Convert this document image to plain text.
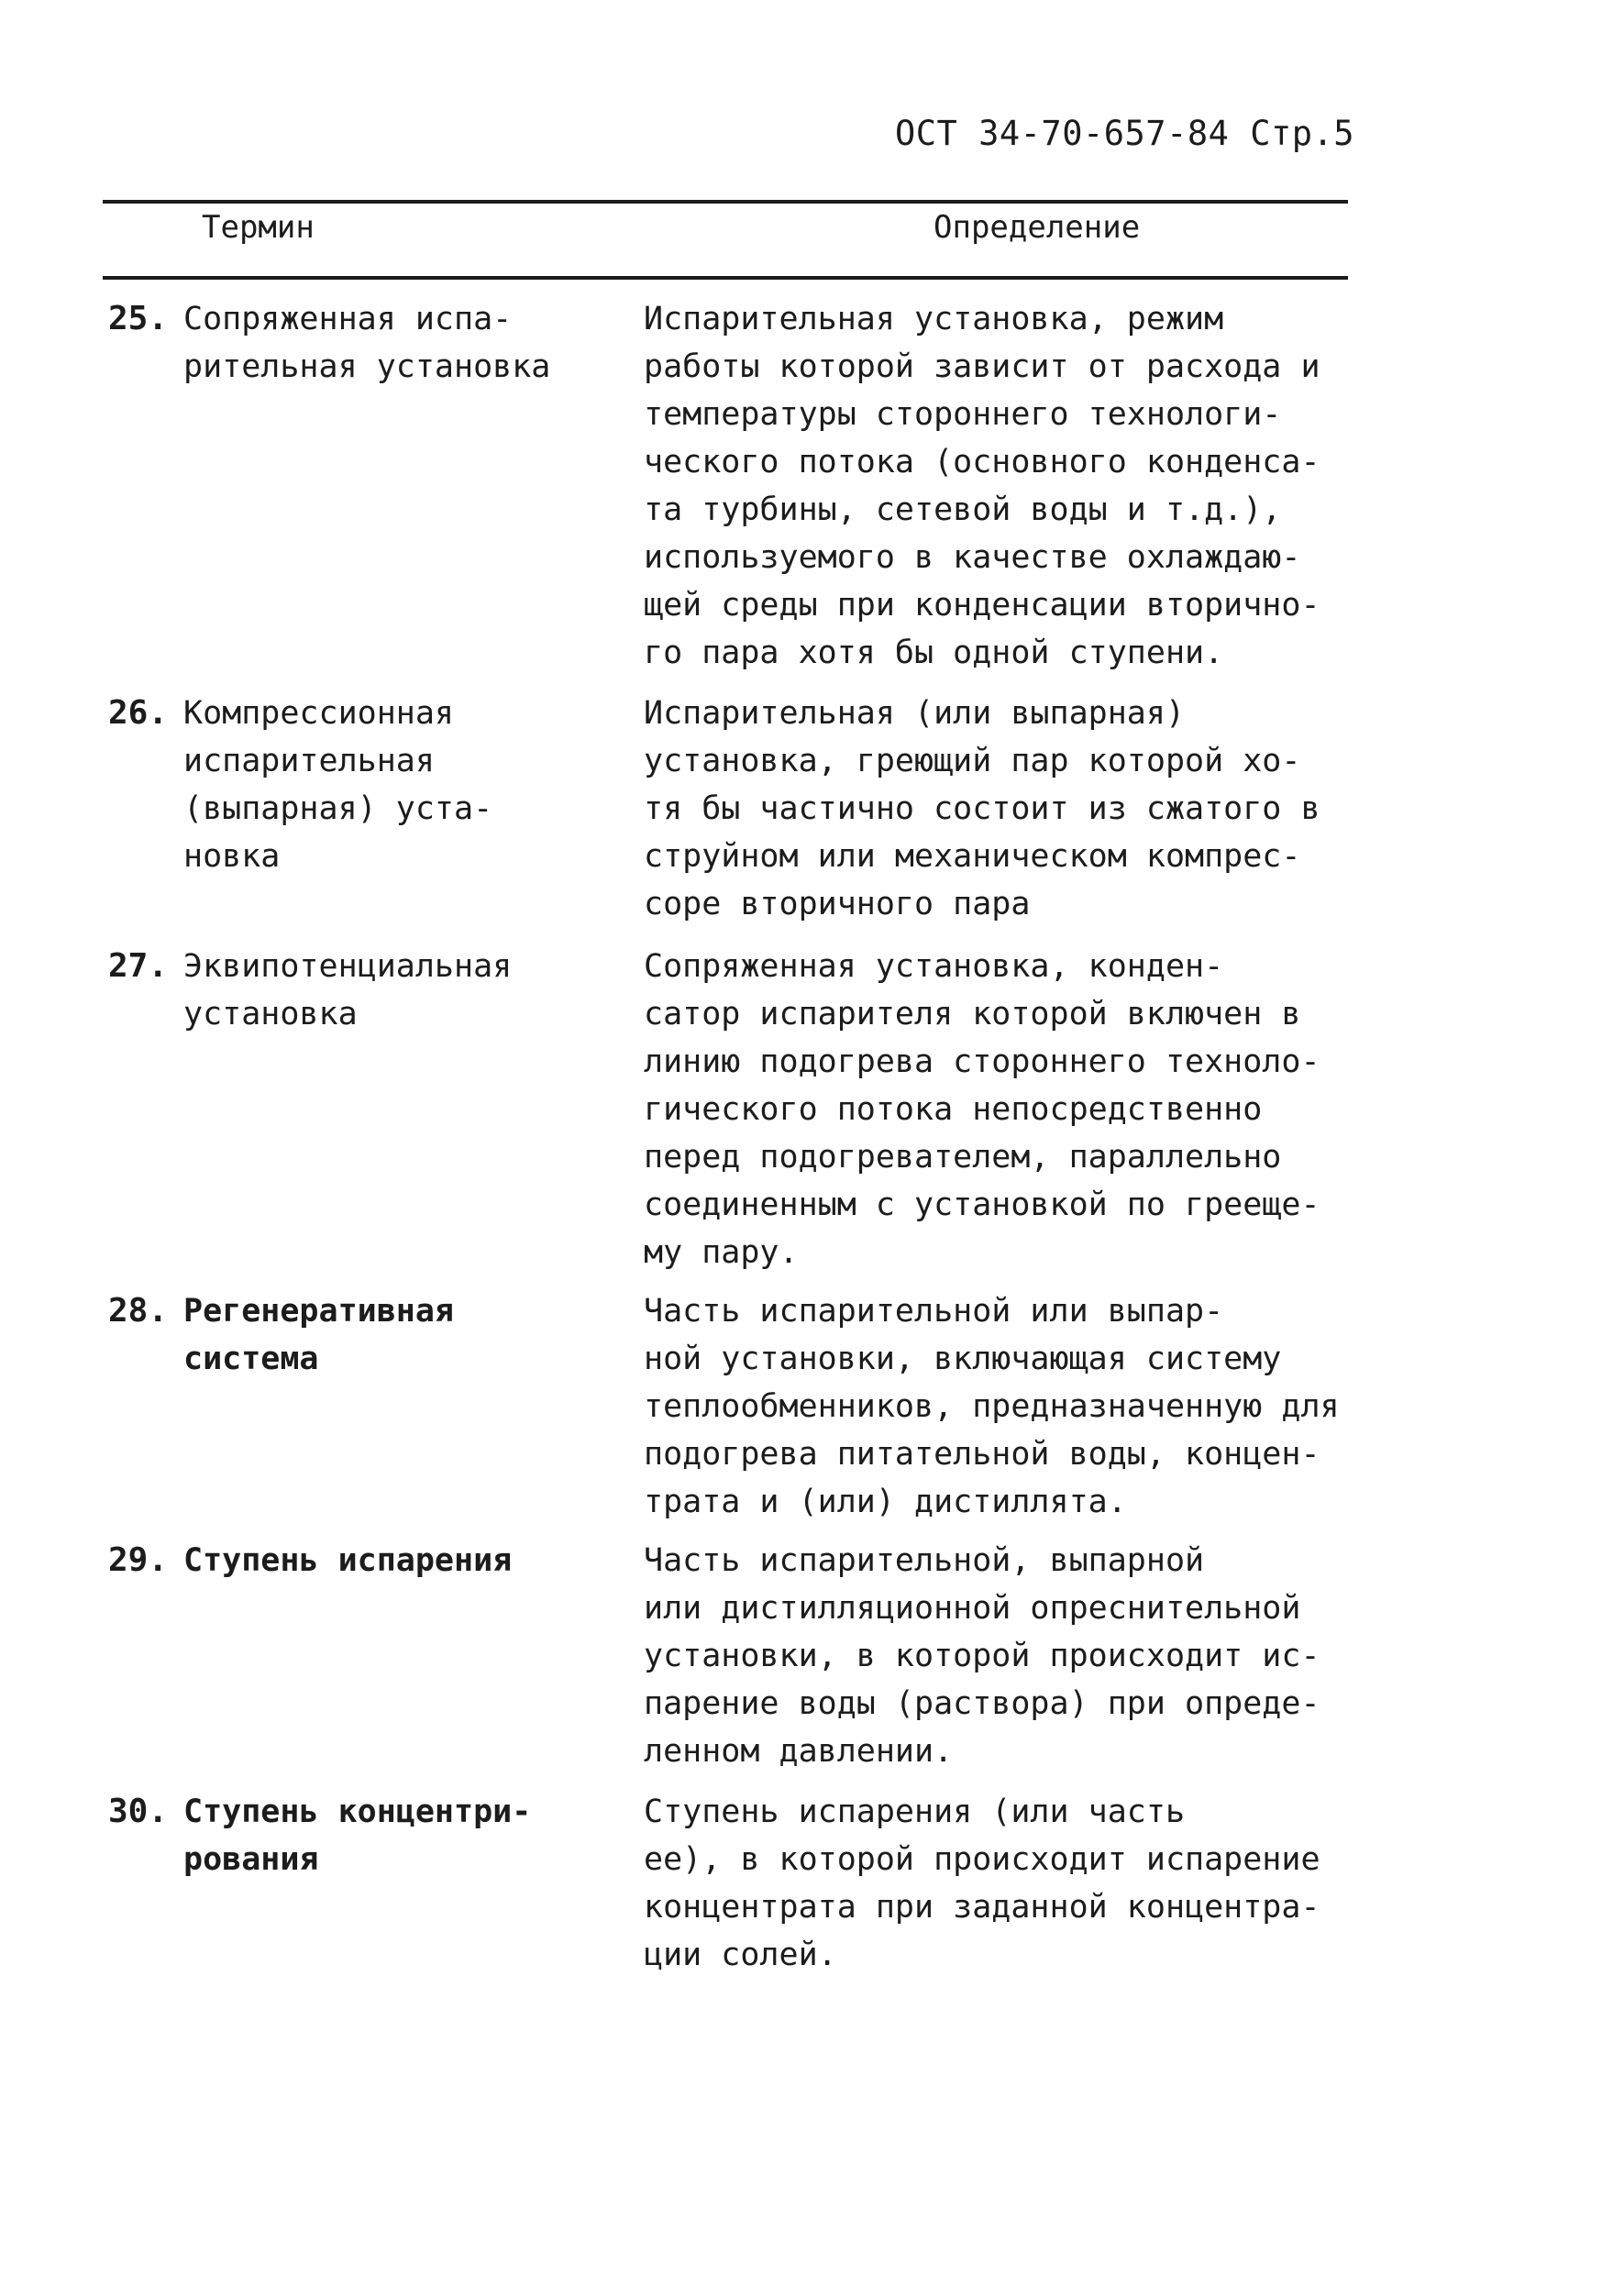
ОСТ 34-70-657-84 Стр.5
Термин	Определение
25. Сопряженная испа-
рительная установка
Испарительная установка, режим
работы которой зависит от расхода и
температуры стороннего технологи-
ческого потока (основного конденса-
та турбины, сетевой воды и т.д.),
используемого в качестве охлаждаю-
щей среды при конденсации вторично-
го пара хотя бы одной ступени.
26. Компрессионная
испарительная
(выпарная) уста-
новка
Испарительная (или выпарная)
установка, греющий пар которой хо-
тя бы частично состоит из сжатого в
струйном или механическом компрес-
соре вторичного пара
27. Эквипотенциальная
установка
Сопряженная установка, конден-
сатор испарителя которой включен в
линию подогрева стороннего техноло-
гического потока непосредственно
перед подогревателем, параллельно
соединенным с установкой по грееще-
му пару.
28. Регенеративная
система
Часть испарительной или выпар-
ной установки, включающая систему
теплообменников, предназначенную для
подогрева питательной воды, концен-
трата и (или) дистиллята.
29. Ступень испарения	Часть испарительной, выпарной
или дистилляционной опреснительной
установки, в которой происходит ис-
парение воды (раствора) при опреде-
ленном давлении.
30. Ступень концентри-
рования
Ступень испарения (или часть
ее), в которой происходит испарение
концентрата при заданной концентра-
ции солей.
